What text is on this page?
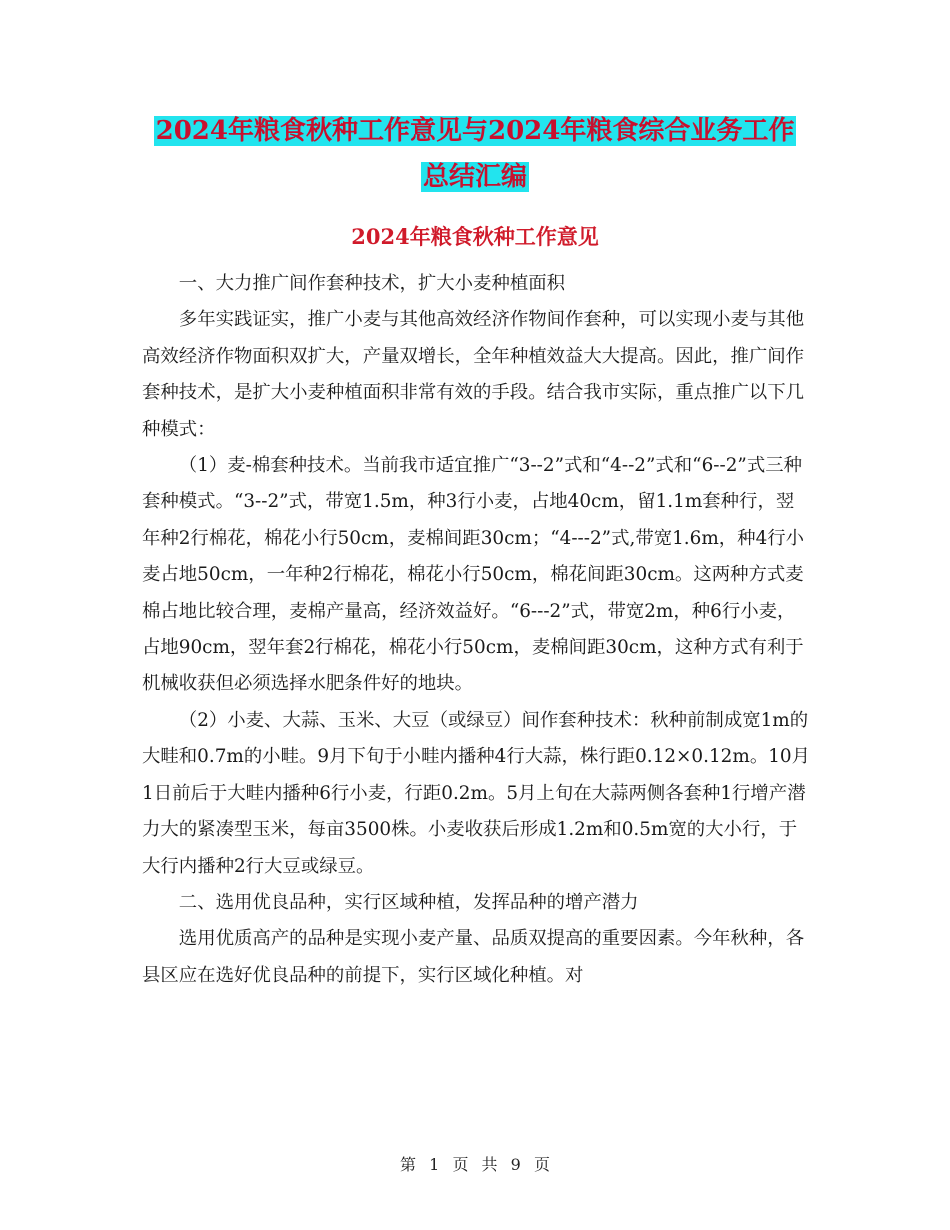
2024年粮食秋种工作意见与2024年粮食综合业务工作
总结汇编
2024年粮食秋种工作意见

一、大力推广间作套种技术，扩大小麦种植面积

多年实践证实，推广小麦与其他高效经济作物间作套种，可以实现小麦与其他高效经济作物面积双扩大，产量双增长，全年种植效益大大提高。因此，推广间作套种技术，是扩大小麦种植面积非常有效的手段。结合我市实际，重点推广以下几种模式：

（1）麦-棉套种技术。当前我市适宜推广“3--2”式和“4--2”式和“6--2”式三种套种模式。“3--2”式，带宽1.5m，种3行小麦，占地40cm，留1.1m套种行，翌年种2行棉花，棉花小行50cm，麦棉间距30cm；“4---2”式,带宽1.6m，种4行小麦占地50cm，一年种2行棉花，棉花小行50cm，棉花间距30cm。这两种方式麦棉占地比较合理，麦棉产量高，经济效益好。“6---2”式，带宽2m，种6行小麦，占地90cm，翌年套2行棉花，棉花小行50cm，麦棉间距30cm，这种方式有利于机械收获但必须选择水肥条件好的地块。

（2）小麦、大蒜、玉米、大豆（或绿豆）间作套种技术：秋种前制成宽1m的大畦和0.7m的小畦。9月下旬于小畦内播种4行大蒜，株行距0.12×0.12m。10月1日前后于大畦内播种6行小麦，行距0.2m。5月上旬在大蒜两侧各套种1行增产潜力大的紧凑型玉米，每亩3500株。小麦收获后形成1.2m和0.5m宽的大小行，于大行内播种2行大豆或绿豆。

二、选用优良品种，实行区域种植，发挥品种的增产潜力

选用优质高产的品种是实现小麦产量、品质双提高的重要因素。今年秋种，各县区应在选好优良品种的前提下，实行区域化种植。对

第 1 页 共 9 页
